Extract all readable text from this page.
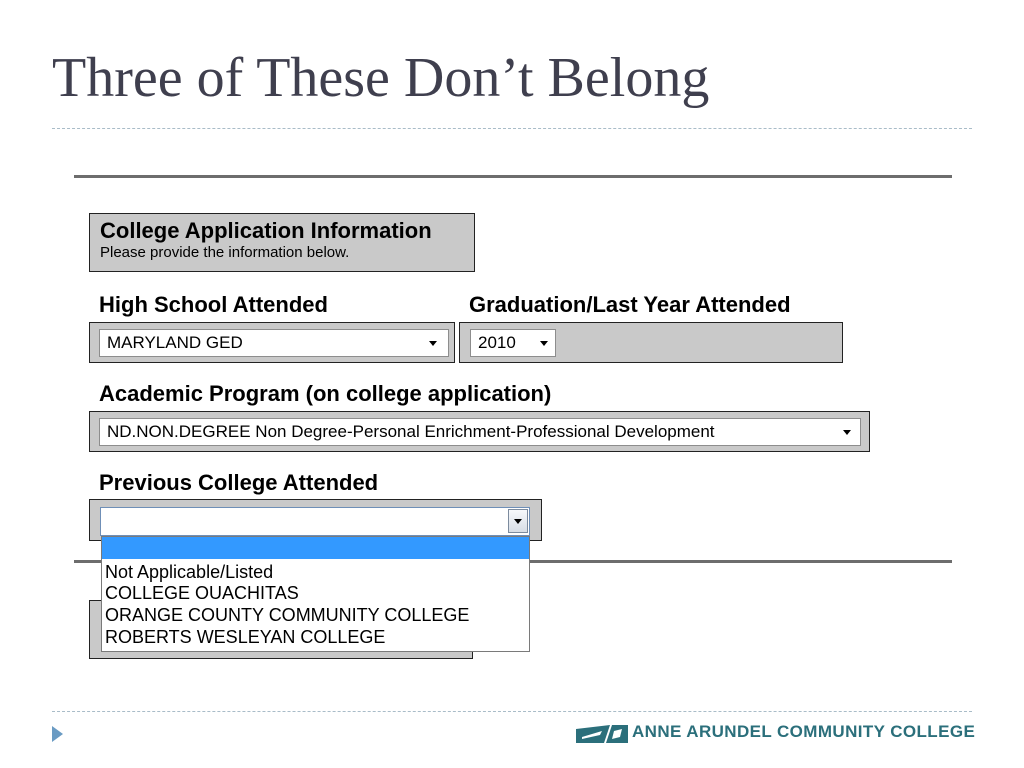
Three of These Don’t Belong
College Application Information
Please provide the information below.
High School Attended	Graduation/Last Year Attended
MARYLAND GED	2010
Academic Program (on college application)
ND.NON.DEGREE Non Degree-Personal Enrichment-Professional Development
Previous College Attended
Not Applicable/Listed
COLLEGE OUACHITAS
ORANGE COUNTY COMMUNITY COLLEGE
ROBERTS WESLEYAN COLLEGE
ANNE ARUNDEL COMMUNITY COLLEGE
